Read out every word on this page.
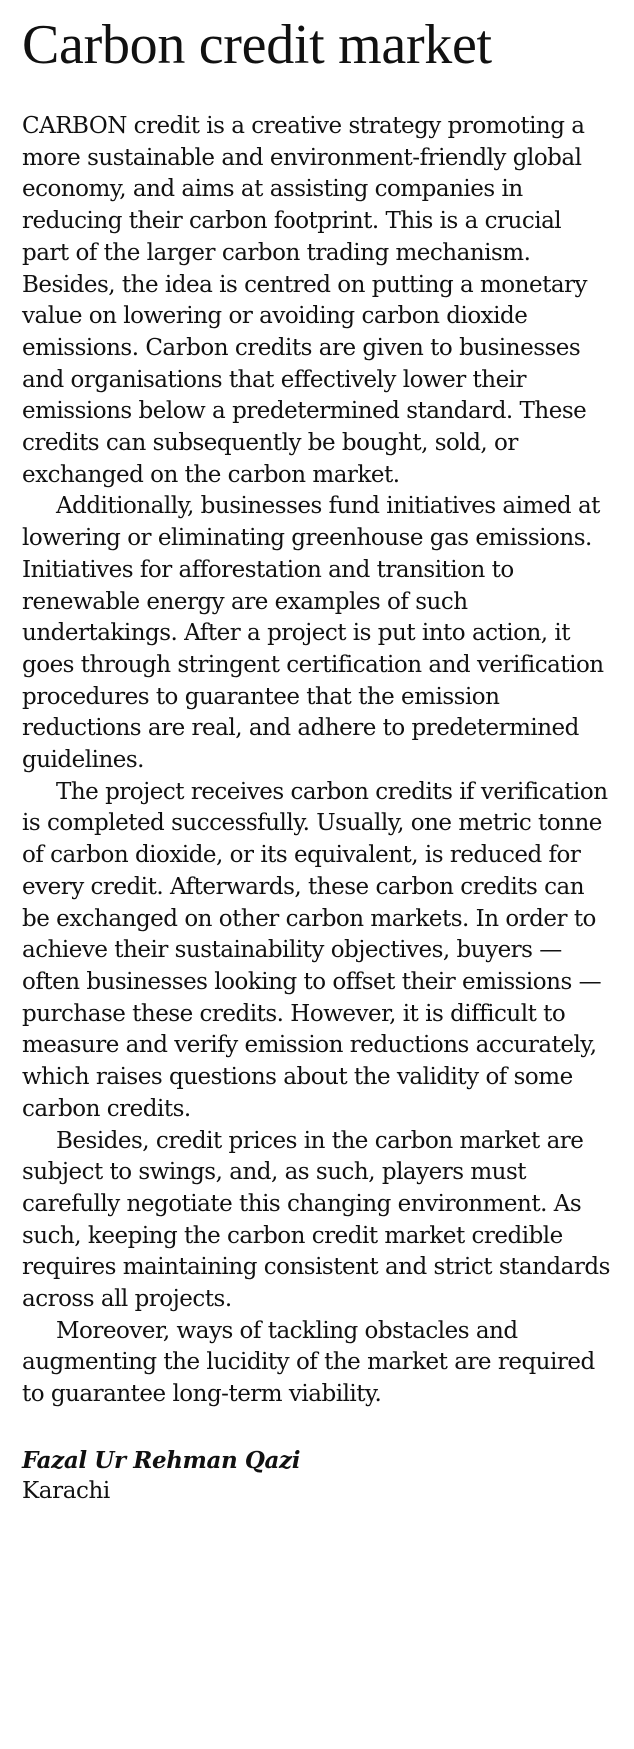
Carbon credit market

CARBON credit is a creative strategy promoting a more sustainable and environment-friendly global economy, and aims at assisting companies in reducing their carbon footprint. This is a crucial part of the larger carbon trading mechanism. Besides, the idea is centred on putting a monetary value on lowering or avoiding carbon dioxide emissions. Carbon credits are given to businesses and organisations that effectively lower their emissions below a predetermined standard. These credits can subsequently be bought, sold, or exchanged on the carbon market.

Additionally, businesses fund initiatives aimed at lowering or eliminating greenhouse gas emissions. Initiatives for afforestation and transition to renewable energy are examples of such undertakings. After a project is put into action, it goes through stringent certification and verification procedures to guarantee that the emission reductions are real, and adhere to predetermined guidelines.

The project receives carbon credits if verification is completed successfully. Usually, one metric tonne of carbon dioxide, or its equivalent, is reduced for every credit. Afterwards, these carbon credits can be exchanged on other carbon markets. In order to achieve their sustainability objectives, buyers — often businesses looking to offset their emissions — purchase these credits. However, it is difficult to measure and verify emission reductions accurately, which raises questions about the validity of some carbon credits.

Besides, credit prices in the carbon market are subject to swings, and, as such, players must carefully negotiate this changing environment. As such, keeping the carbon credit market credible requires maintaining consistent and strict standards across all projects.

Moreover, ways of tackling obstacles and augmenting the lucidity of the market are required to guarantee long-term viability.

Fazal Ur Rehman Qazi
Karachi
